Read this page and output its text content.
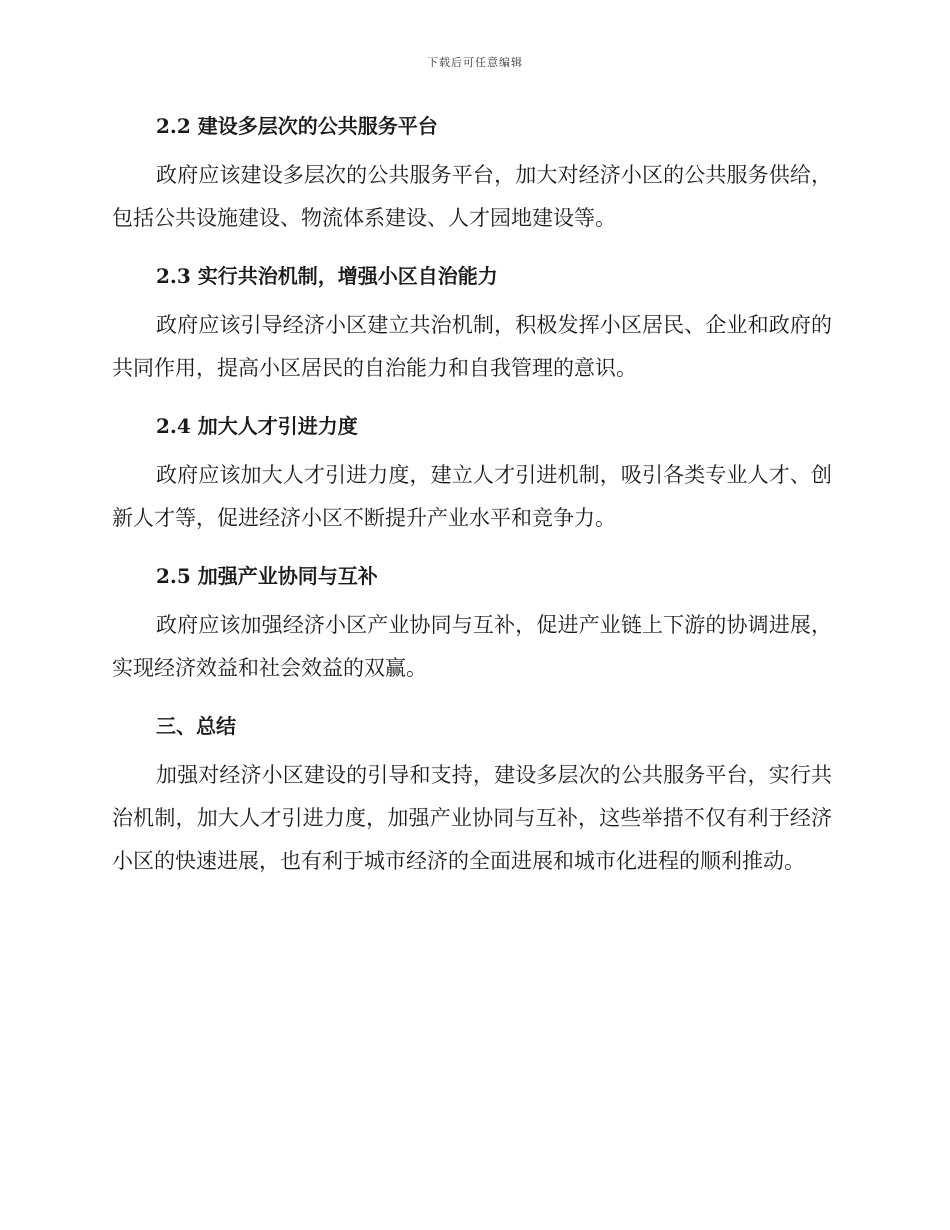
下载后可任意编辑
2.2 建设多层次的公共服务平台

政府应该建设多层次的公共服务平台，加大对经济小区的公共服务供给，包括公共设施建设、物流体系建设、人才园地建设等。

2.3 实行共治机制，增强小区自治能力

政府应该引导经济小区建立共治机制，积极发挥小区居民、企业和政府的共同作用，提高小区居民的自治能力和自我管理的意识。

2.4 加大人才引进力度

政府应该加大人才引进力度，建立人才引进机制，吸引各类专业人才、创新人才等，促进经济小区不断提升产业水平和竞争力。

2.5 加强产业协同与互补

政府应该加强经济小区产业协同与互补，促进产业链上下游的协调进展，实现经济效益和社会效益的双赢。

三、总结

加强对经济小区建设的引导和支持，建设多层次的公共服务平台，实行共治机制，加大人才引进力度，加强产业协同与互补，这些举措不仅有利于经济小区的快速进展，也有利于城市经济的全面进展和城市化进程的顺利推动。
